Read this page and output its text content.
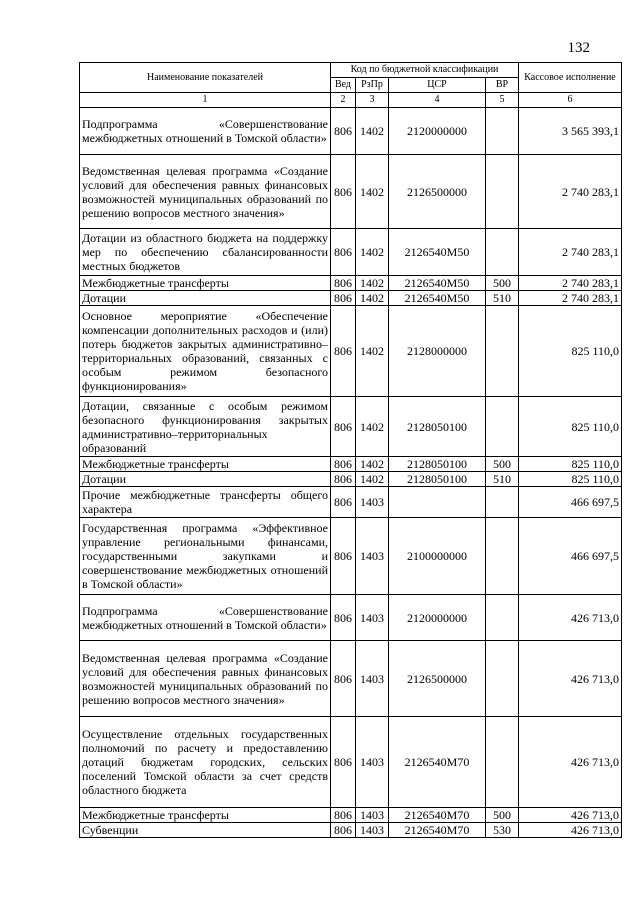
132
Наименование показателей	Код по бюджетной классификации				Кассовое исполнение
	Вед	РзПр	ЦСР	ВР	
1	2	3	4	5	6
Подпрограмма «Совершенствование межбюджетных отношений в Томской области»	806	1402	2120000000		3 565 393,1
Ведомственная целевая программа «Создание условий для обеспечения равных финансовых возможностей муниципальных образований по решению вопросов местного значения»	806	1402	2126500000		2 740 283,1
Дотации из областного бюджета на поддержку мер по обеспечению сбалансированности местных бюджетов	806	1402	2126540M50		2 740 283,1
Межбюджетные трансферты	806	1402	2126540M50	500	2 740 283,1
Дотации	806	1402	2126540M50	510	2 740 283,1
Основное мероприятие «Обеспечение компенсации дополнительных расходов и (или) потерь бюджетов закрытых административно–территориальных образований, связанных с особым режимом безопасного функционирования»	806	1402	2128000000		825 110,0
Дотации, связанные с особым режимом безопасного функционирования закрытых административно–территориальных образований	806	1402	2128050100		825 110,0
Межбюджетные трансферты	806	1402	2128050100	500	825 110,0
Дотации	806	1402	2128050100	510	825 110,0
Прочие межбюджетные трансферты общего характера	806	1403			466 697,5
Государственная программа «Эффективное управление региональными финансами, государственными закупками и совершенствование межбюджетных отношений в Томской области»	806	1403	2100000000		466 697,5
Подпрограмма «Совершенствование межбюджетных отношений в Томской области»	806	1403	2120000000		426 713,0
Ведомственная целевая программа «Создание условий для обеспечения равных финансовых возможностей муниципальных образований по решению вопросов местного значения»	806	1403	2126500000		426 713,0
Осуществление отдельных государственных полномочий по расчету и предоставлению дотаций бюджетам городских, сельских поселений Томской области за счет средств областного бюджета	806	1403	2126540M70		426 713,0
Межбюджетные трансферты	806	1403	2126540M70	500	426 713,0
Субвенции	806	1403	2126540M70	530	426 713,0
